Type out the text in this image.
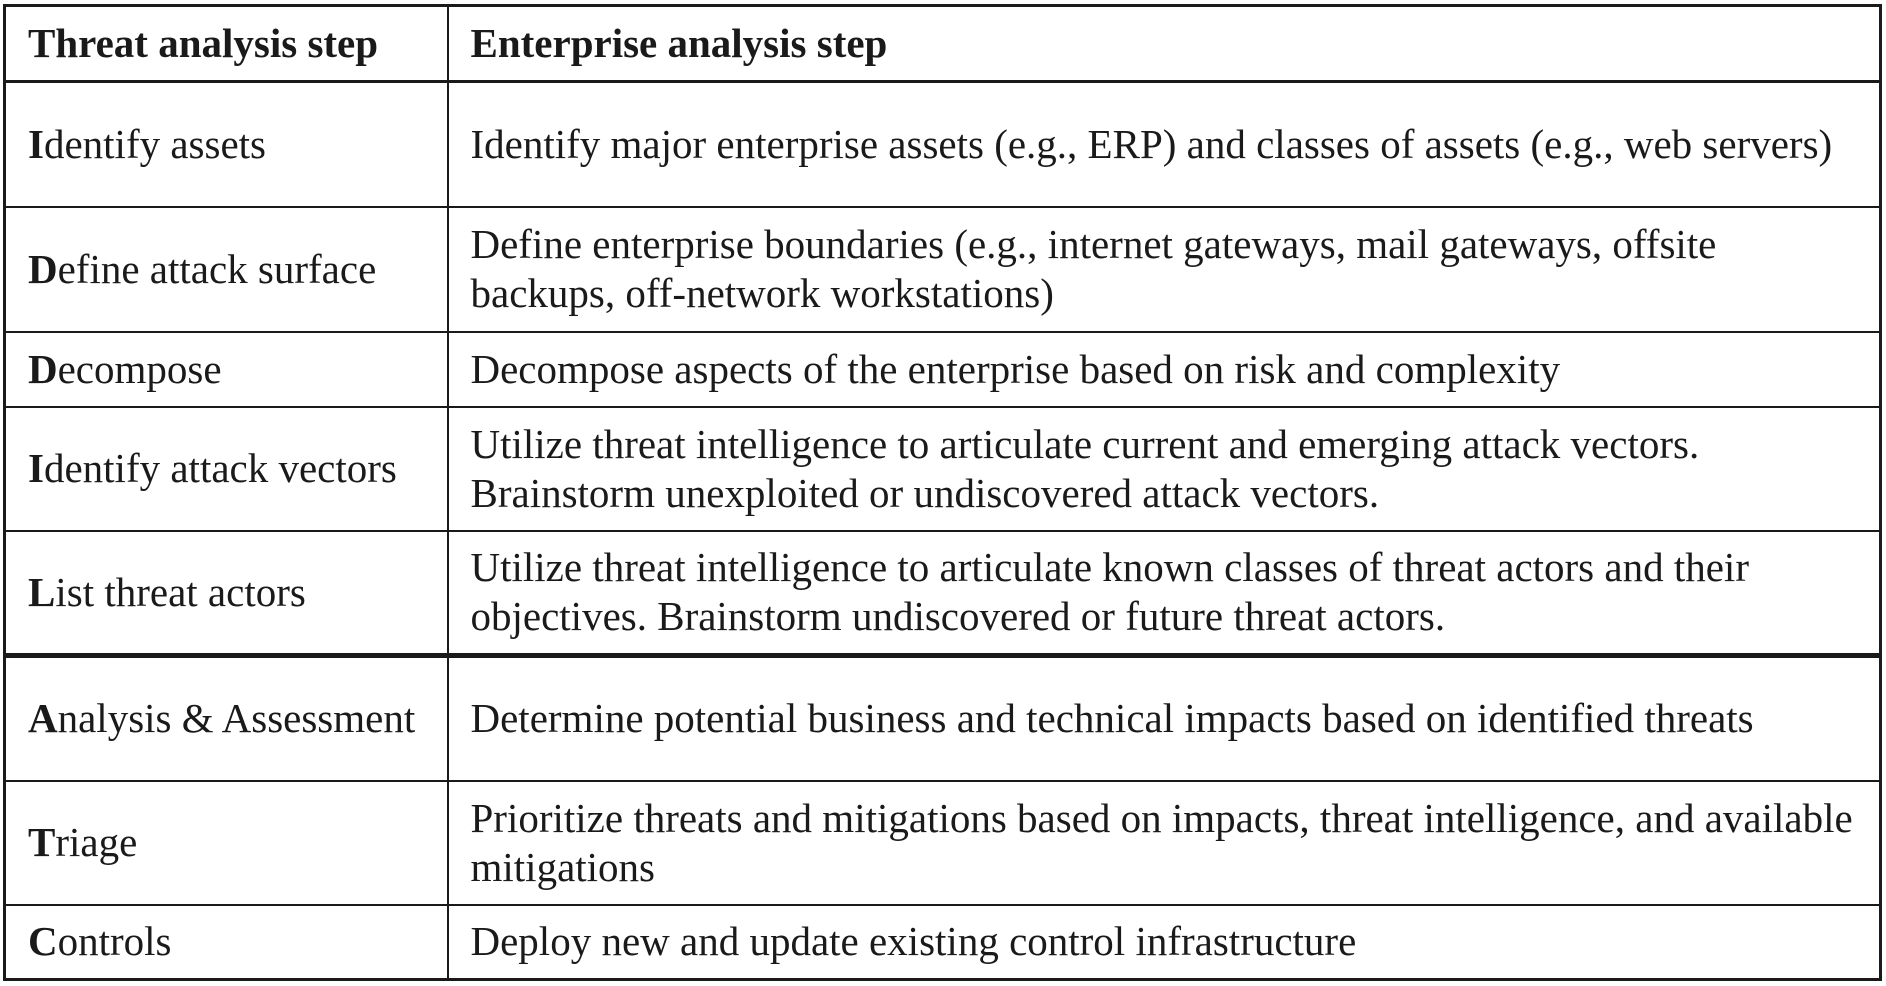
Threat analysis step	Enterprise analysis step
Identify assets	Identify major enterprise assets (e.g., ERP) and classes of assets (e.g., web servers)
Define attack surface	Define enterprise boundaries (e.g., internet gateways, mail gateways, offsite backups, off-network workstations)
Decompose	Decompose aspects of the enterprise based on risk and complexity
Identify attack vectors	Utilize threat intelligence to articulate current and emerging attack vectors. Brainstorm unexploited or undiscovered attack vectors.
List threat actors	Utilize threat intelligence to articulate known classes of threat actors and their objectives. Brainstorm undiscovered or future threat actors.
Analysis & Assessment	Determine potential business and technical impacts based on identified threats
Triage	Prioritize threats and mitigations based on impacts, threat intelligence, and available mitigations
Controls	Deploy new and update existing control infrastructure
